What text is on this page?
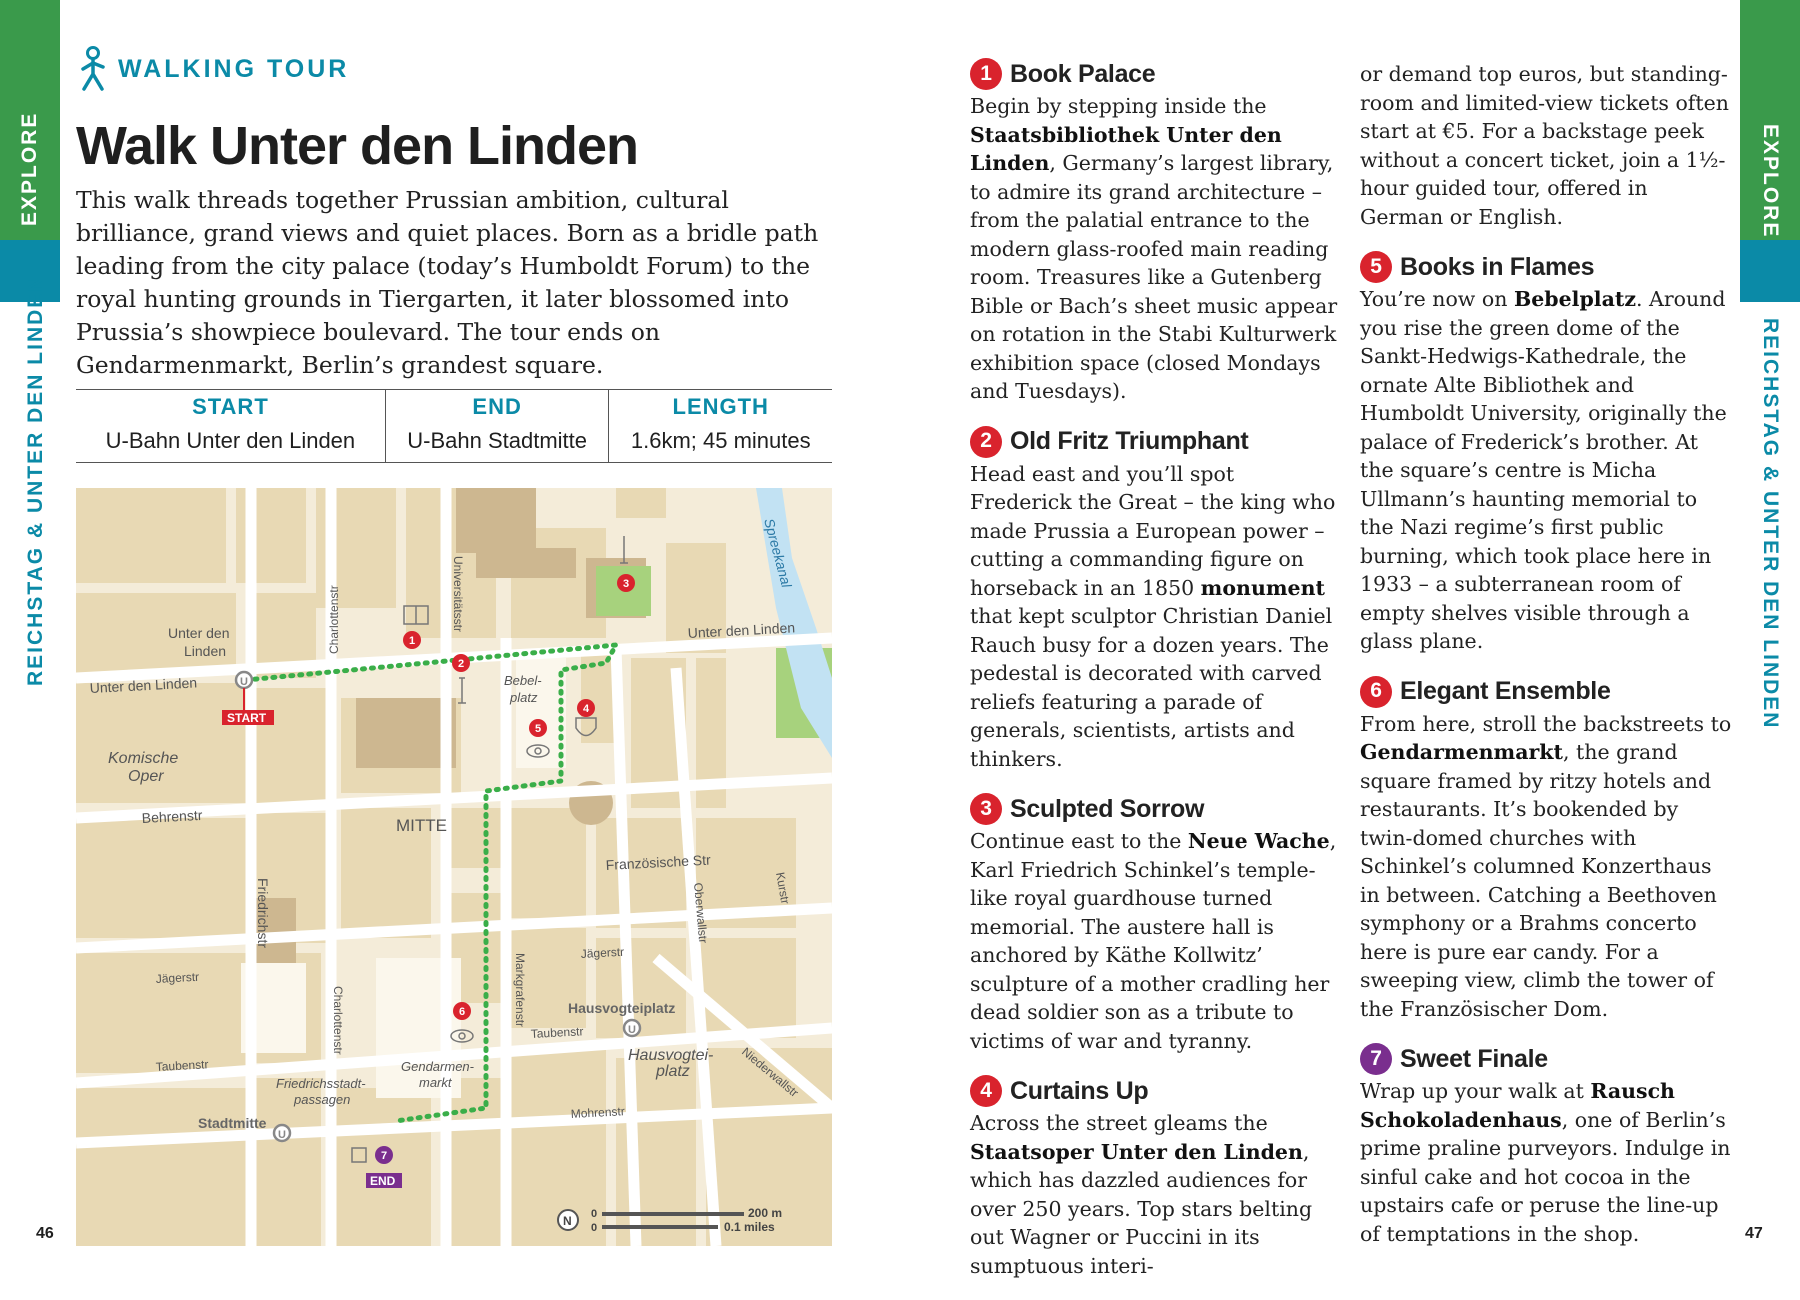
EXPLORE
REICHSTAG & UNTER DEN LINDEN
46
EXPLORE
REICHSTAG & UNTER DEN LINDEN
47
WALKING TOUR
Walk Unter den Linden

This walk threads together Prussian ambition, cultural brilliance, grand views and quiet places. Born as a bridle path leading from the city palace (today’s Humboldt Forum) to the royal hunting grounds in Tiergarten, it later blossomed into Prussia’s showpiece boulevard. The tour ends on Gendarmenmarkt, Berlin’s grandest square.

START	END	LENGTH
U-Bahn Unter den Linden	U-Bahn Stadtmitte	1.6km; 45 minutes
Unter den
Linden
Unter den Linden
Unter den Linden
Komische
Oper
Behrenstr	MITTE
Französische Str
Friedrichstr
Charlottenstr	Universitätsstr
Bebel-
platz
Spreekanal
Oberwallstr	Kurstr
Markgrafenstr
Jägerstr
Jägerstr
Charlottenstr	Hausvogteiplatz
Taubenstr
Taubenstr
Hausvogtei-
platz	Niederwallstr
Friedrichsstadt-
passagen
Gendarmen-
markt
Stadtmitte
Mohrenstr
U
U
U
START
END
1
2
3
4
5
6
7
N 0
0
200 m
0.1 miles
1 Book Palace

Begin by stepping inside the Staatsbibliothek Unter den Linden, Germany’s largest library, to admire its grand architecture – from the palatial entrance to the modern glass-roofed main reading room. Treasures like a Gutenberg Bible or Bach’s sheet music appear on rotation in the Stabi Kulturwerk exhibition space (closed Mondays and Tuesdays).

2 Old Fritz Triumphant

Head east and you’ll spot Frederick the Great – the king who made Prussia a European power – cutting a commanding figure on horseback in an 1850 monument that kept sculptor Christian Daniel Rauch busy for a dozen years. The pedestal is decorated with carved reliefs featuring a parade of generals, scientists, artists and thinkers.

3 Sculpted Sorrow

Continue east to the Neue Wache, Karl Friedrich Schinkel’s temple-like royal guardhouse turned memorial. The austere hall is anchored by Käthe Kollwitz’ sculpture of a mother cradling her dead soldier son as a tribute to victims of war and tyranny.

4 Curtains Up

Across the street gleams the Staatsoper Unter den Linden, which has dazzled audiences for over 250 years. Top stars belting out Wagner or Puccini in its sumptuous interi-

or demand top euros, but standing-room and limited-view tickets often start at €5. For a backstage peek without a concert ticket, join a 1½-hour guided tour, offered in German or English.

5 Books in Flames

You’re now on Bebelplatz. Around you rise the green dome of the Sankt-Hedwigs-Kathedrale, the ornate Alte Bibliothek and Humboldt University, originally the palace of Frederick’s brother. At the square’s centre is Micha Ullmann’s haunting memorial to the Nazi regime’s first public burning, which took place here in 1933 – a subterranean room of empty shelves visible through a glass plane.

6 Elegant Ensemble

From here, stroll the backstreets to Gendarmenmarkt, the grand square framed by ritzy hotels and restaurants. It’s bookended by twin-domed churches with Schinkel’s columned Konzerthaus in between. Catching a Beethoven symphony or a Brahms concerto here is pure ear candy. For a sweeping view, climb the tower of the Französischer Dom.

7 Sweet Finale

Wrap up your walk at Rausch Schokoladenhaus, one of Berlin’s prime praline purveyors. Indulge in sinful cake and hot cocoa in the upstairs cafe or peruse the line-up of temptations in the shop.
